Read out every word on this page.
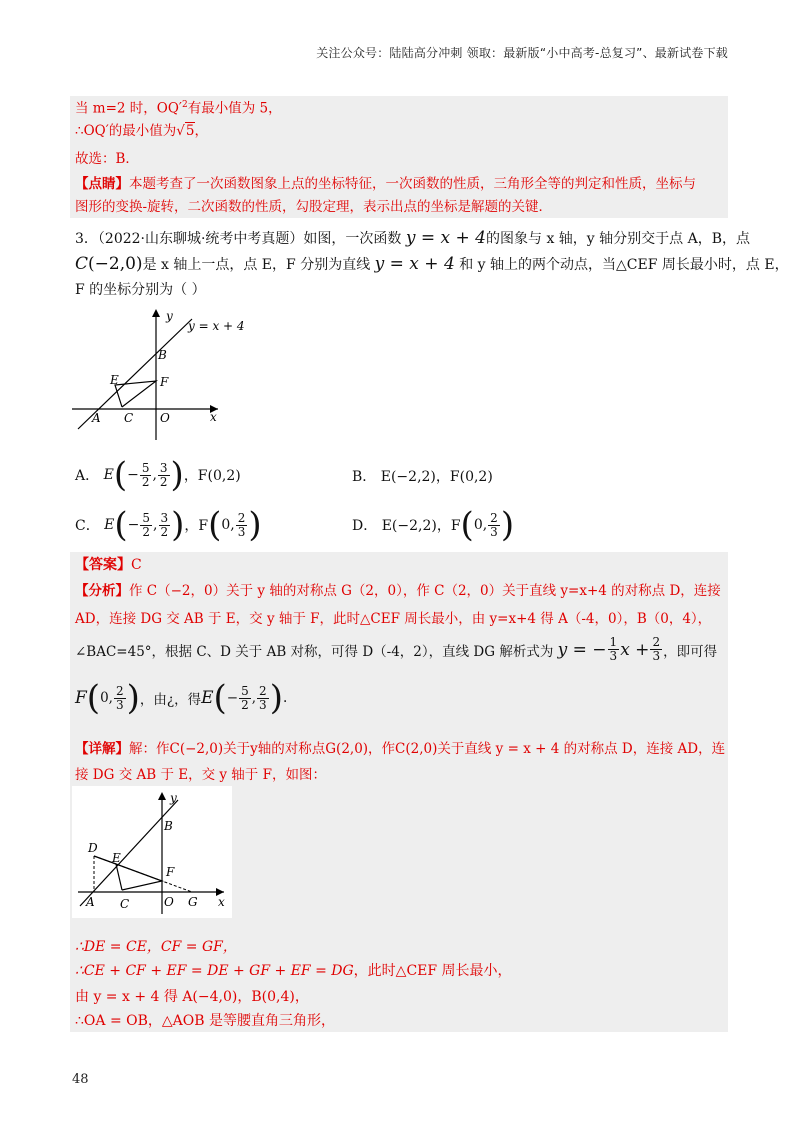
关注公众号：陆陆高分冲刺 领取：最新版“小中高考-总复习”、最新试卷下载
当 m=2 时，$OQ'^2$有最小值为 5，
∴OQ′的最小值为√5，
故选：B．
【点睛】本题考查了一次函数图象上点的坐标特征，一次函数的性质，三角形全等的判定和性质，坐标与
图形的变换-旋转，二次函数的性质，勾股定理，表示出点的坐标是解题的关键．
3．（2022·山东聊城·统考中考真题）如图，一次函数 y = x + 4的图象与 x 轴，y 轴分别交于点 A，B，点
C(−2,0)是 x 轴上一点，点 E，F 分别为直线 y = x + 4 和 y 轴上的两个动点，当△CEF 周长最小时，点 E，
F 的坐标分别为（ ）
y
x
y = x + 4
B
E	F
A C O
A．
E ( − $\frac{5}{2}$ , $\frac{3}{2}$ ) ，F(0,2)	B．
E(−2,2)，F(0,2)
C．
E ( − $\frac{5}{2}$ , $\frac{3}{2}$ ) ，F ( 0, $\frac{2}{3}$ )	D．
E(−2,2)，F ( 0, $\frac{2}{3}$ )
【答案】C
【分析】作 C（−2，0）关于 y 轴的对称点 G（2，0），作 C（2，0）关于直线 y=x+4 的对称点 D，连接
AD，连接 DG 交 AB 于 E，交 y 轴于 F，此时△CEF 周长最小，由 y=x+4 得 A（-4，0），B（0，4），
∠BAC=45°，根据 C、D 关于 AB 对称，可得 D（-4，2），直线 DG 解析式为
y = − $\frac{1}{3}$ $x + \frac{2}{3}$ ，即可得
F ( 0, $\frac{2}{3}$ ) ，由¿，得 E ( − $\frac{5}{2}$ , $\frac{2}{3}$ ) .
【详解】解：作C(−2,0)关于y轴的对称点G(2,0)，作C(2,0)关于直线 y = x + 4 的对称点 D，连接 AD，连
接 DG 交 AB 于 E，交 y 轴于 F，如图：
y
x
B
D
E
F
A C	O G
∴DE = CE，CF = GF，
∴CE + CF + EF = DE + GF + EF = DG，此时△CEF 周长最小，
由 y = x + 4 得 A(−4,0)，B(0,4)，
∴OA = OB，△AOB 是等腰直角三角形，
48
